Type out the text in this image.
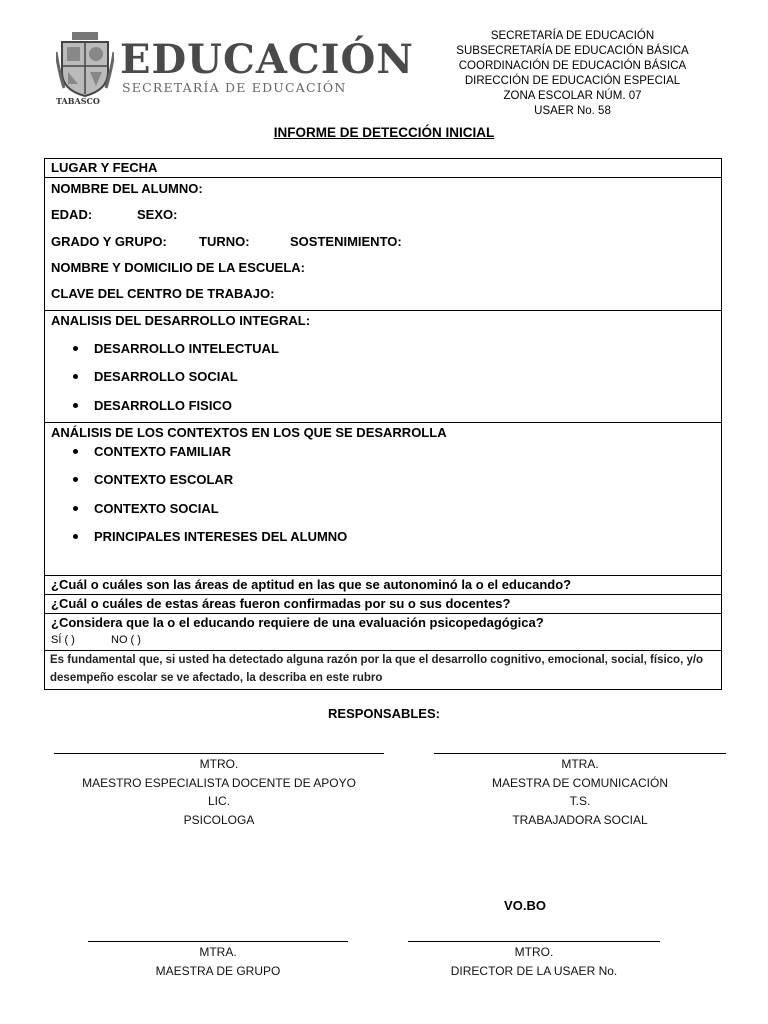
EDUCACIÓN
SECRETARÍA DE EDUCACIÓN
TABASCO
SECRETARÍA DE EDUCACIÓN
SUBSECRETARÍA DE EDUCACIÓN BÁSICA
COORDINACIÓN DE EDUCACIÓN BÁSICA
DIRECCIÓN DE EDUCACIÓN ESPECIAL
ZONA ESCOLAR NÚM. 07
USAER No. 58
INFORME DE DETECCIÓN INICIAL
LUGAR Y FECHA
NOMBRE DEL ALUMNO:
EDAD:	SEXO:
GRADO Y GRUPO: TURNO:	SOSTENIMIENTO:
NOMBRE Y DOMICILIO DE LA ESCUELA:
CLAVE DEL CENTRO DE TRABAJO:
ANALISIS DEL DESARROLLO INTEGRAL:
DESARROLLO INTELECTUAL
DESARROLLO SOCIAL
DESARROLLO FISICO
ANÁLISIS DE LOS CONTEXTOS EN LOS QUE SE DESARROLLA
CONTEXTO FAMILIAR
CONTEXTO ESCOLAR
CONTEXTO SOCIAL
PRINCIPALES INTERESES DEL ALUMNO
¿Cuál o cuáles son las áreas de aptitud en las que se autonominó la o el educando?
¿Cuál o cuáles de estas áreas fueron confirmadas por su o sus docentes?
¿Considera que la o el educando requiere de una evaluación psicopedagógica?
SÍ ( )	NO ( )
Es fundamental que, si usted ha detectado alguna razón por la que el desarrollo cognitivo, emocional, social, físico, y/o desempeño escolar se ve afectado, la describa en este rubro
RESPONSABLES:
MTRO.
MAESTRO ESPECIALISTA DOCENTE DE APOYO
LIC.
PSICOLOGA
MTRA.
MAESTRA DE COMUNICACIÓN
T.S.
TRABAJADORA SOCIAL
VO.BO
MTRA.
MAESTRA DE GRUPO
MTRO.
DIRECTOR DE LA USAER No.
